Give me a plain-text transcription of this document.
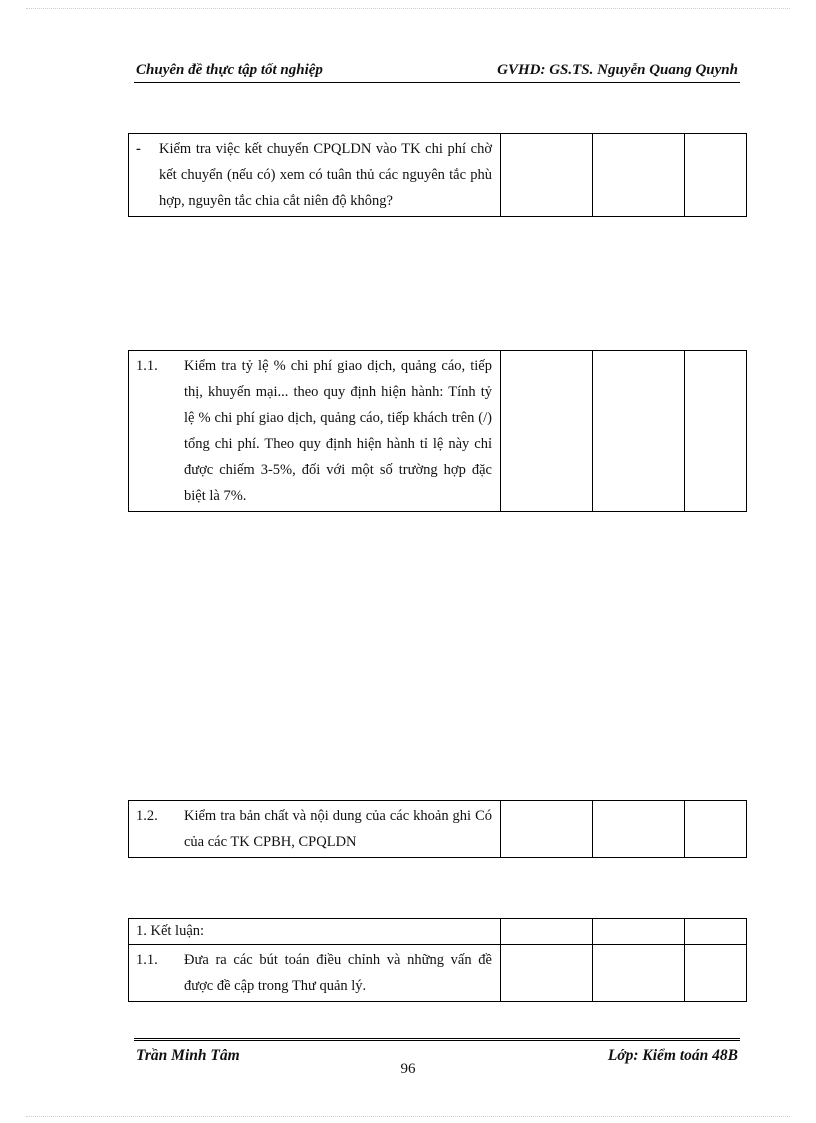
Chuyên đề thực tập tốt nghiệp	GVHD: GS.TS. Nguyễn Quang Quynh
- Kiểm tra việc kết chuyển CPQLDN vào TK chi phí chờ kết chuyển (nếu có) xem có tuân thủ các nguyên tắc phù hợp, nguyên tắc chia cắt niên độ không?

1.1. Kiểm tra tỷ lệ % chi phí giao dịch, quảng cáo, tiếp thị, khuyến mại... theo quy định hiện hành: Tính tỷ lệ % chi phí giao dịch, quảng cáo, tiếp khách trên (/) tổng chi phí. Theo quy định hiện hành tỉ lệ này chỉ được chiếm 3-5%, đối với một số trường hợp đặc biệt là 7%.

1.2. Kiểm tra bản chất và nội dung của các khoản ghi Có của các TK CPBH, CPQLDN

1. Kết luận:			

1.1. Đưa ra các bút toán điều chỉnh và những vấn đề được đề cập trong Thư quản lý.			

Trần Minh Tâm	Lớp: Kiểm toán 48B
96
